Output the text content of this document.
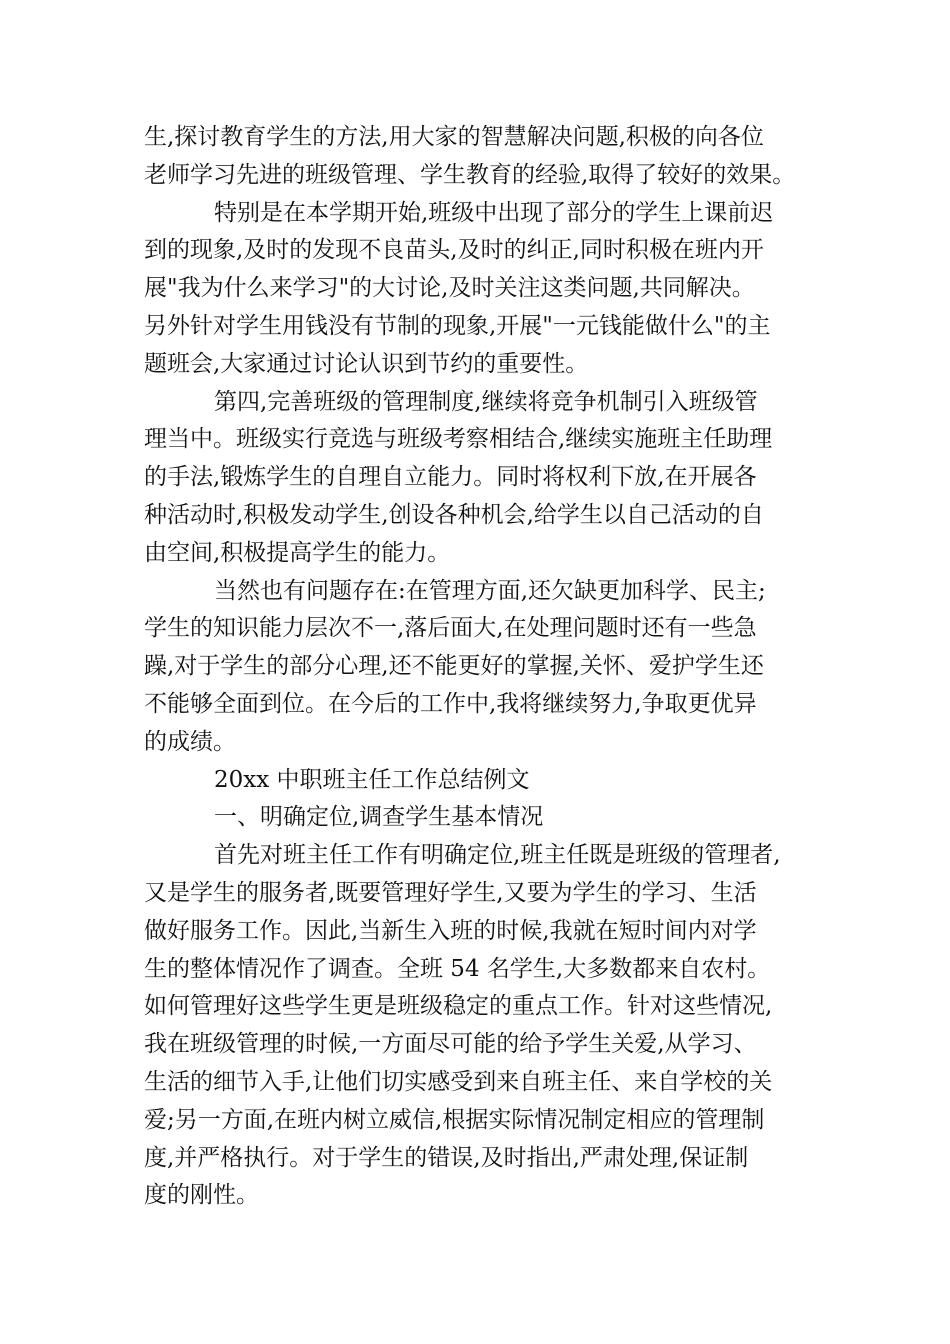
生,探讨教育学生的方法,用大家的智慧解决问题,积极的向各位

老师学习先进的班级管理、学生教育的经验,取得了较好的效果。

特别是在本学期开始,班级中出现了部分的学生上课前迟

到的现象,及时的发现不良苗头,及时的纠正,同时积极在班内开

展"我为什么来学习"的大讨论,及时关注这类问题,共同解决。

另外针对学生用钱没有节制的现象,开展"一元钱能做什么"的主

题班会,大家通过讨论认识到节约的重要性。

第四,完善班级的管理制度,继续将竞争机制引入班级管

理当中。班级实行竞选与班级考察相结合,继续实施班主任助理

的手法,锻炼学生的自理自立能力。同时将权利下放,在开展各

种活动时,积极发动学生,创设各种机会,给学生以自己活动的自

由空间,积极提高学生的能力。

当然也有问题存在:在管理方面,还欠缺更加科学、民主;

学生的知识能力层次不一,落后面大,在处理问题时还有一些急

躁,对于学生的部分心理,还不能更好的掌握,关怀、爱护学生还

不能够全面到位。在今后的工作中,我将继续努力,争取更优异

的成绩。

20xx 中职班主任工作总结例文

一、明确定位,调查学生基本情况

首先对班主任工作有明确定位,班主任既是班级的管理者,

又是学生的服务者,既要管理好学生,又要为学生的学习、生活

做好服务工作。因此,当新生入班的时候,我就在短时间内对学

生的整体情况作了调查。全班 54 名学生,大多数都来自农村。

如何管理好这些学生更是班级稳定的重点工作。针对这些情况,

我在班级管理的时候,一方面尽可能的给予学生关爱,从学习、

生活的细节入手,让他们切实感受到来自班主任、来自学校的关

爱;另一方面,在班内树立威信,根据实际情况制定相应的管理制

度,并严格执行。对于学生的错误,及时指出,严肃处理,保证制

度的刚性。
